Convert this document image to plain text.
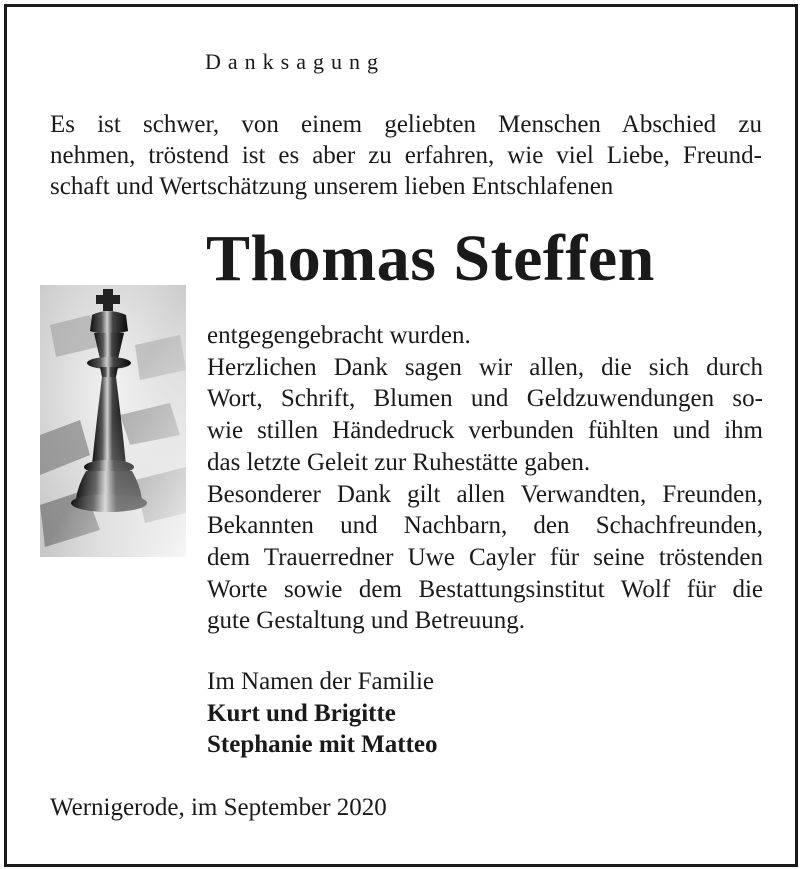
Danksagung
Es ist schwer, von einem geliebten Menschen Abschied zu
nehmen, tröstend ist es aber zu erfahren, wie viel Liebe, Freund-
schaft und Wertschätzung unserem lieben Entschlafenen
Thomas Steffen
entgegengebracht wurden.
Herzlichen Dank sagen wir allen, die sich durch
Wort, Schrift, Blumen und Geldzuwendungen so-
wie stillen Händedruck verbunden fühlten und ihm
das letzte Geleit zur Ruhestätte gaben.
Besonderer Dank gilt allen Verwandten, Freunden,
Bekannten und Nachbarn, den Schachfreunden,
dem Trauerredner Uwe Cayler für seine tröstenden
Worte sowie dem Bestattungsinstitut Wolf für die
gute Gestaltung und Betreuung.
Im Namen der Familie
Kurt und Brigitte
Stephanie mit Matteo
Wernigerode, im September 2020
